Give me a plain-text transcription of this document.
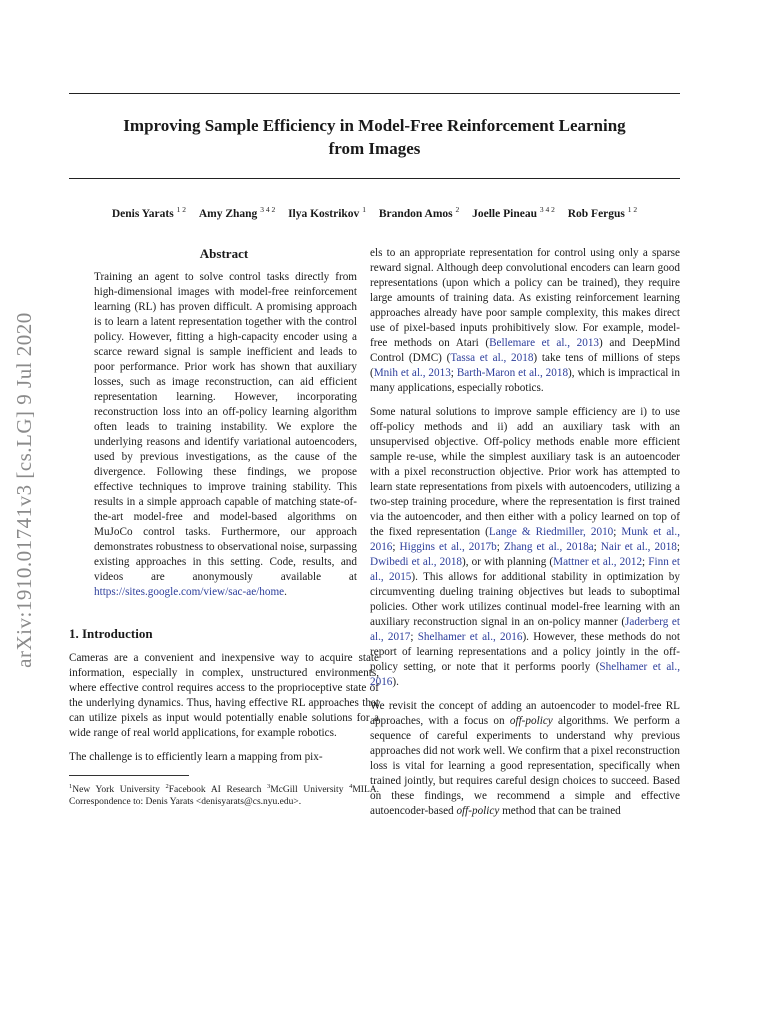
Improving Sample Efficiency in Model-Free Reinforcement Learning
from Images
Denis Yarats $^{1 2}$ Amy Zhang $^{3 4 2}$ Ilya Kostrikov $^1$ Brandon Amos $^2$ Joelle Pineau $^{3 4 2}$ Rob Fergus $^{1 2}$
arXiv:1910.01741v3 [cs.LG] 9 Jul 2020
Abstract

Training an agent to solve control tasks directly from high-dimensional images with model-free reinforcement learning (RL) has proven difficult. A promising approach is to learn a latent representation together with the control policy. However, fitting a high-capacity encoder using a scarce reward signal is sample inefficient and leads to poor performance. Prior work has shown that auxiliary losses, such as image reconstruction, can aid efficient representation learning. However, incorporating reconstruction loss into an off-policy learning algorithm often leads to training instability. We explore the underlying reasons and identify variational autoencoders, used by previous investigations, as the cause of the divergence. Following these findings, we propose effective techniques to improve training stability. This results in a simple approach capable of matching state-of-the-art model-free and model-based algorithms on MuJoCo control tasks. Furthermore, our approach demonstrates robustness to observational noise, surpassing existing approaches in this setting. Code, results, and videos are anonymously available at https://sites.google.com/view/sac-ae/home.

1. Introduction

Cameras are a convenient and inexpensive way to acquire state information, especially in complex, unstructured environments, where effective control requires access to the proprioceptive state of the underlying dynamics. Thus, having effective RL approaches that can utilize pixels as input would potentially enable solutions for a wide range of real world applications, for example robotics.

The challenge is to efficiently learn a mapping from pix-

$^1$New York University $^2$Facebook AI Research $^3$McGill University $^4$MILA. Correspondence to: Denis Yarats <denisyarats@cs.nyu.edu>.

els to an appropriate representation for control using only a sparse reward signal. Although deep convolutional encoders can learn good representations (upon which a policy can be trained), they require large amounts of training data. As existing reinforcement learning approaches already have poor sample complexity, this makes direct use of pixel-based inputs prohibitively slow. For example, model-free methods on Atari (Bellemare et al., 2013) and DeepMind Control (DMC) (Tassa et al., 2018) take tens of millions of steps (Mnih et al., 2013; Barth-Maron et al., 2018), which is impractical in many applications, especially robotics.

Some natural solutions to improve sample efficiency are i) to use off-policy methods and ii) add an auxiliary task with an unsupervised objective. Off-policy methods enable more efficient sample re-use, while the simplest auxiliary task is an autoencoder with a pixel reconstruction objective. Prior work has attempted to learn state representations from pixels with autoencoders, utilizing a two-step training procedure, where the representation is first trained via the autoencoder, and then either with a policy learned on top of the fixed representation (Lange & Riedmiller, 2010; Munk et al., 2016; Higgins et al., 2017b; Zhang et al., 2018a; Nair et al., 2018; Dwibedi et al., 2018), or with planning (Mattner et al., 2012; Finn et al., 2015). This allows for additional stability in optimization by circumventing dueling training objectives but leads to suboptimal policies. Other work utilizes continual model-free learning with an auxiliary reconstruction signal in an on-policy manner (Jaderberg et al., 2017; Shelhamer et al., 2016). However, these methods do not report of learning representations and a policy jointly in the off-policy setting, or note that it performs poorly (Shelhamer et al., 2016).

We revisit the concept of adding an autoencoder to model-free RL approaches, with a focus on off-policy algorithms. We perform a sequence of careful experiments to understand why previous approaches did not work well. We confirm that a pixel reconstruction loss is vital for learning a good representation, specifically when trained jointly, but requires careful design choices to succeed. Based on these findings, we recommend a simple and effective autoencoder-based off-policy method that can be trained
